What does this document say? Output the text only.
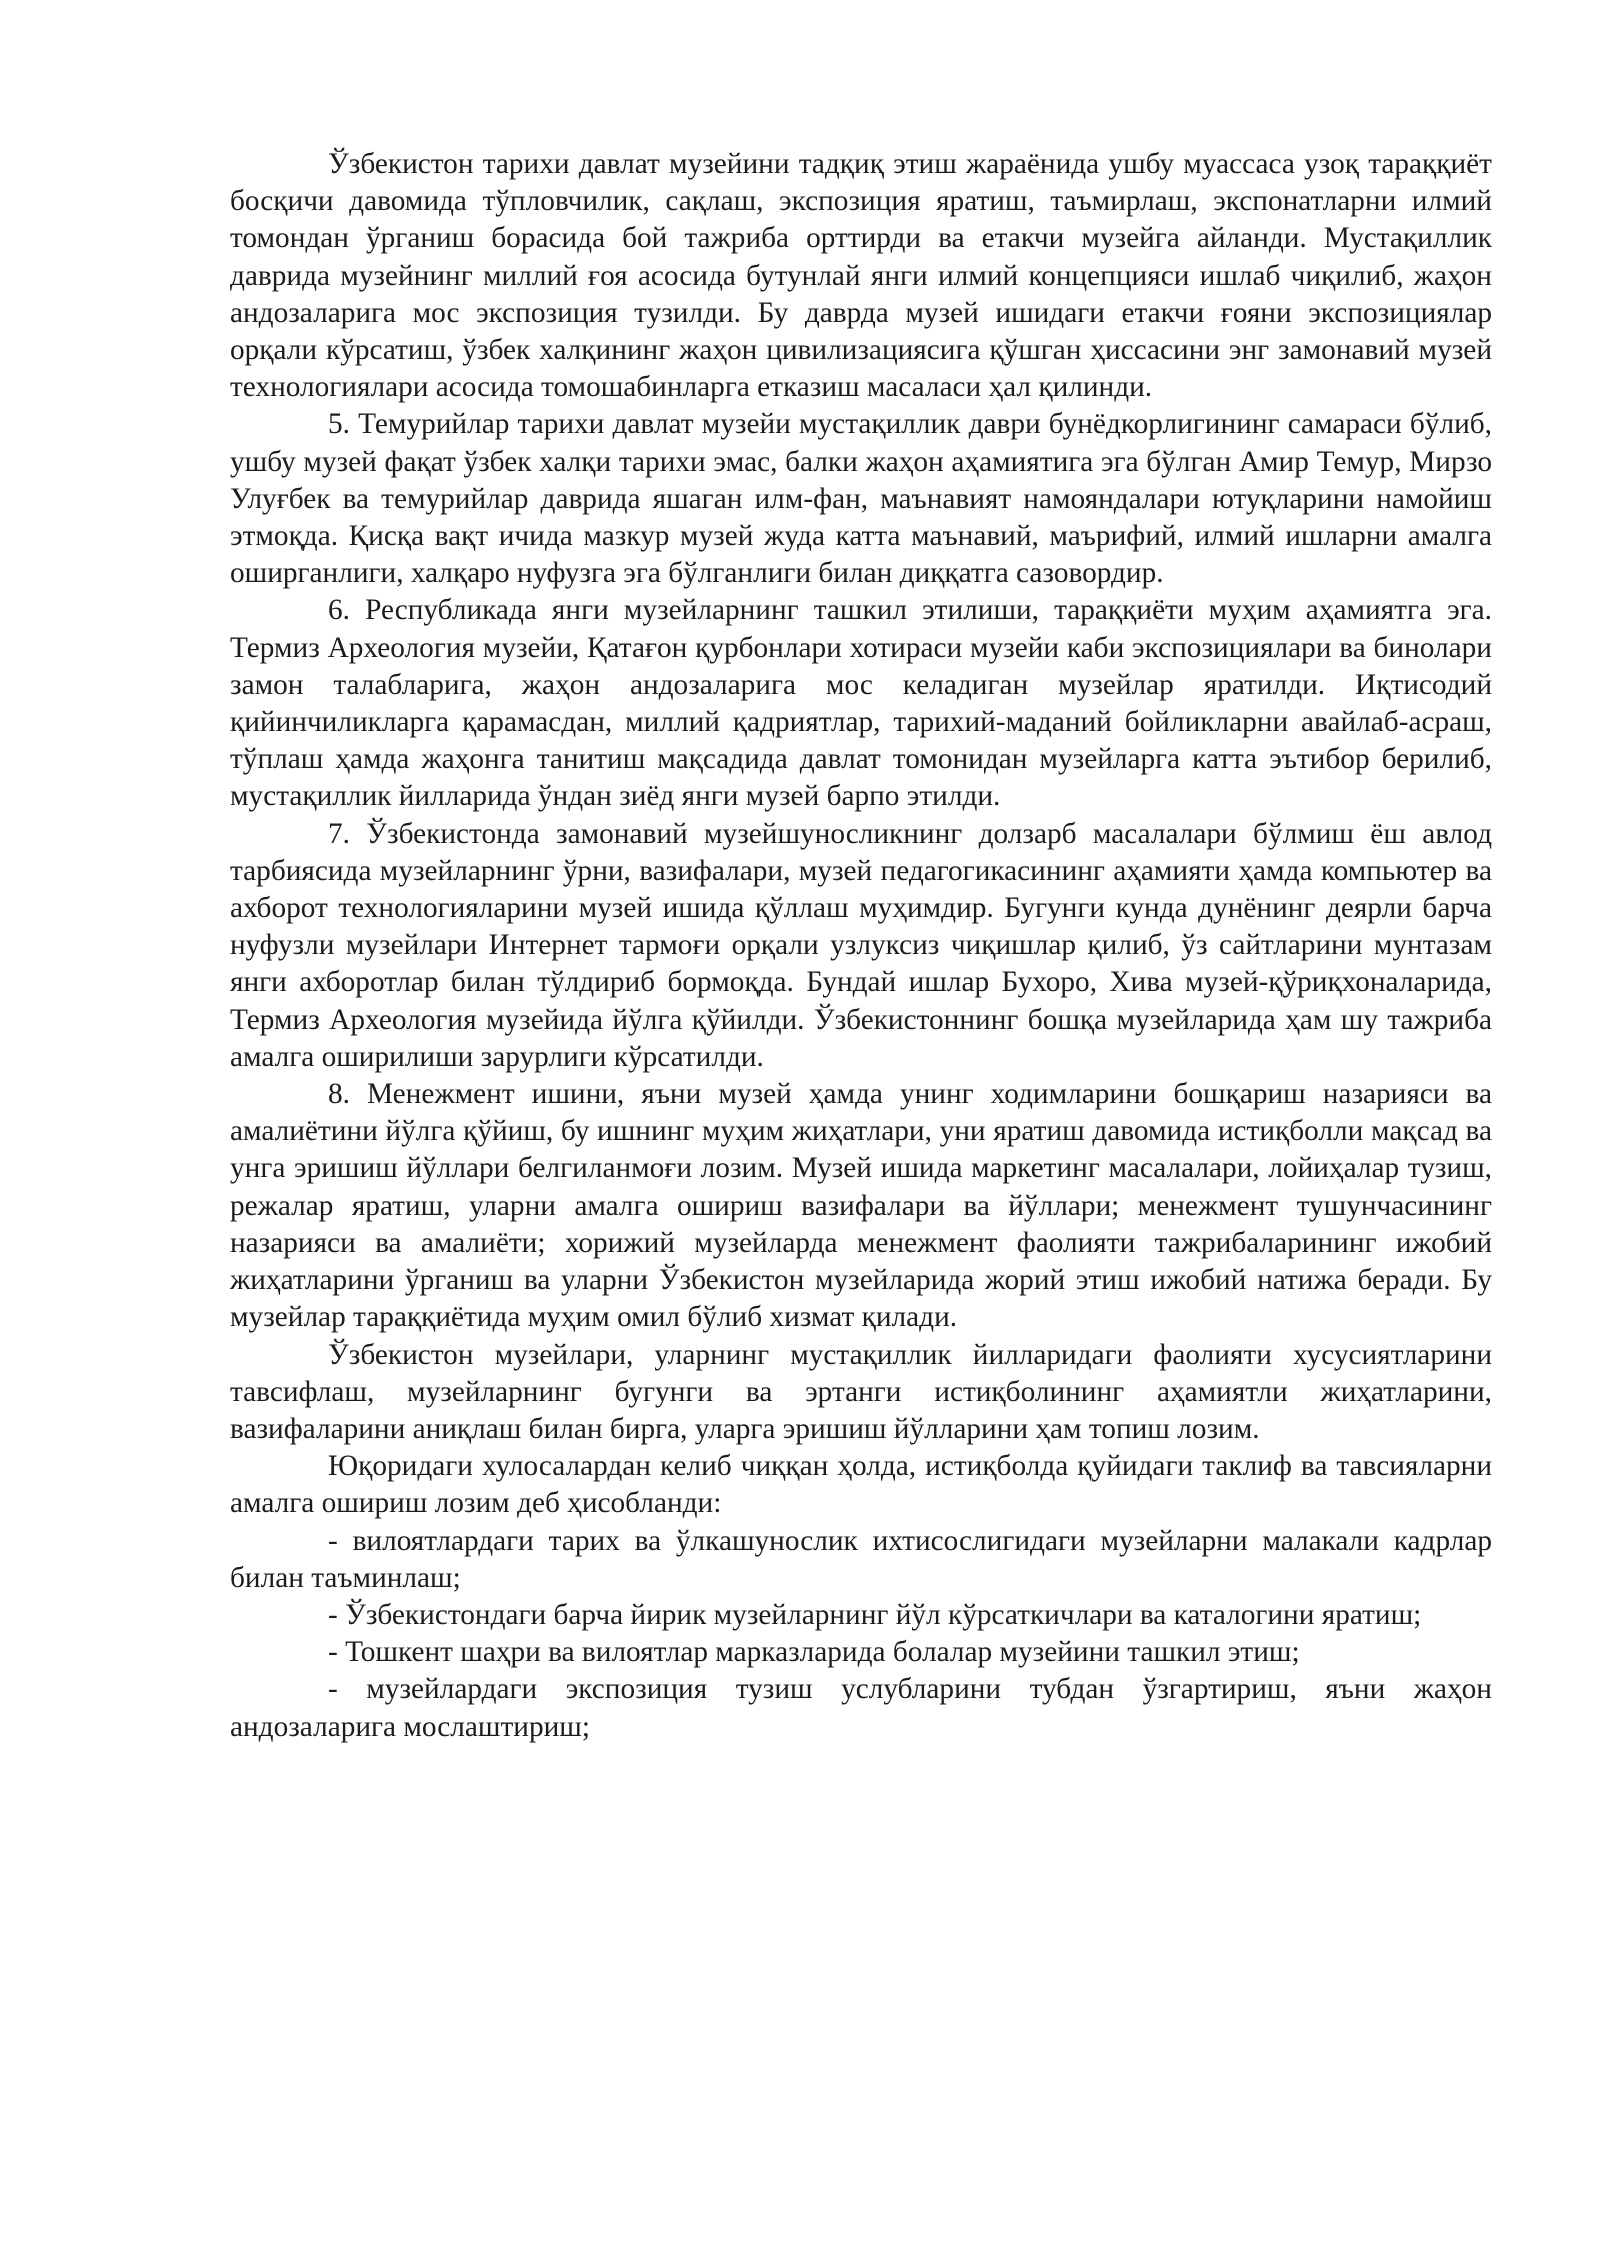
Ўзбекистон тарихи давлат музейини тадқиқ этиш жараёнида ушбу муассаса узоқ тараққиёт босқичи давомида тўпловчилик, сақлаш, экспозиция яратиш, таъмирлаш, экспонатларни илмий томондан ўрганиш борасида бой тажриба орттирди ва етакчи музейга айланди. Мустақиллик даврида музейнинг миллий ғоя асосида бутунлай янги илмий концепцияси ишлаб чиқилиб, жаҳон андозаларига мос экспозиция тузилди. Бу даврда музей ишидаги етакчи ғояни экспозициялар орқали кўрсатиш, ўзбек халқининг жаҳон цивилизациясига қўшган ҳиссасини энг замонавий музей технологиялари асосида томошабинларга етказиш масаласи ҳал қилинди.

5. Темурийлар тарихи давлат музейи мустақиллик даври бунёдкорлигининг самараси бўлиб, ушбу музей фақат ўзбек халқи тарихи эмас, балки жаҳон аҳамиятига эга бўлган Амир Темур, Мирзо Улуғбек ва темурийлар даврида яшаган илм-фан, маънавият намояндалари ютуқларини намойиш этмоқда. Қисқа вақт ичида мазкур музей жуда катта маънавий, маърифий, илмий ишларни амалга оширганлиги, халқаро нуфузга эга бўлганлиги билан диққатга сазовордир.

6. Республикада янги музейларнинг ташкил этилиши, тараққиёти муҳим аҳамиятга эга. Термиз Археология музейи, Қатағон қурбонлари хотираси музейи каби экспозициялари ва бинолари замон талабларига, жаҳон андозаларига мос келадиган музейлар яратилди. Иқтисодий қийинчиликларга қарамасдан, миллий қадриятлар, тарихий-маданий бойликларни авайлаб-асраш, тўплаш ҳамда жаҳонга танитиш мақсадида давлат томонидан музейларга катта эътибор берилиб, мустақиллик йилларида ўндан зиёд янги музей барпо этилди.

7. Ўзбекистонда замонавий музейшуносликнинг долзарб масалалари бўлмиш ёш авлод тарбиясида музейларнинг ўрни, вазифалари, музей педагогикасининг аҳамияти ҳамда компьютер ва ахборот технологияларини музей ишида қўллаш муҳимдир. Бугунги кунда дунёнинг деярли барча нуфузли музейлари Интернет тармоғи орқали узлуксиз чиқишлар қилиб, ўз сайтларини мунтазам янги ахборотлар билан тўлдириб бормоқда. Бундай ишлар Бухоро, Хива музей-қўриқхоналарида, Термиз Археология музейида йўлга қўйилди. Ўзбекистоннинг бошқа музейларида ҳам шу тажриба амалга оширилиши зарурлиги кўрсатилди.

8. Менежмент ишини, яъни музей ҳамда унинг ходимларини бошқариш назарияси ва амалиётини йўлга қўйиш, бу ишнинг муҳим жиҳатлари, уни яратиш давомида истиқболли мақсад ва унга эришиш йўллари белгиланмоғи лозим. Музей ишида маркетинг масалалари, лойиҳалар тузиш, режалар яратиш, уларни амалга ошириш вазифалари ва йўллари; менежмент тушунчасининг назарияси ва амалиёти; хорижий музейларда менежмент фаолияти тажрибаларининг ижобий жиҳатларини ўрганиш ва уларни Ўзбекистон музейларида жорий этиш ижобий натижа беради. Бу музейлар тараққиётида муҳим омил бўлиб хизмат қилади.

Ўзбекистон музейлари, уларнинг мустақиллик йилларидаги фаолияти хусусиятларини тавсифлаш, музейларнинг бугунги ва эртанги истиқболининг аҳамиятли жиҳатларини, вазифаларини аниқлаш билан бирга, уларга эришиш йўлларини ҳам топиш лозим.

Юқоридаги хулосалардан келиб чиққан ҳолда, истиқболда қуйидаги таклиф ва тавсияларни амалга ошириш лозим деб ҳисобланди:

- вилоятлардаги тарих ва ўлкашунослик ихтисослигидаги музейларни малакали кадрлар билан таъминлаш;

- Ўзбекистондаги барча йирик музейларнинг йўл кўрсаткичлари ва каталогини яратиш;

- Тошкент шаҳри ва вилоятлар марказларида болалар музейини ташкил этиш;

- музейлардаги экспозиция тузиш услубларини тубдан ўзгартириш, яъни жаҳон андозаларига мослаштириш;
